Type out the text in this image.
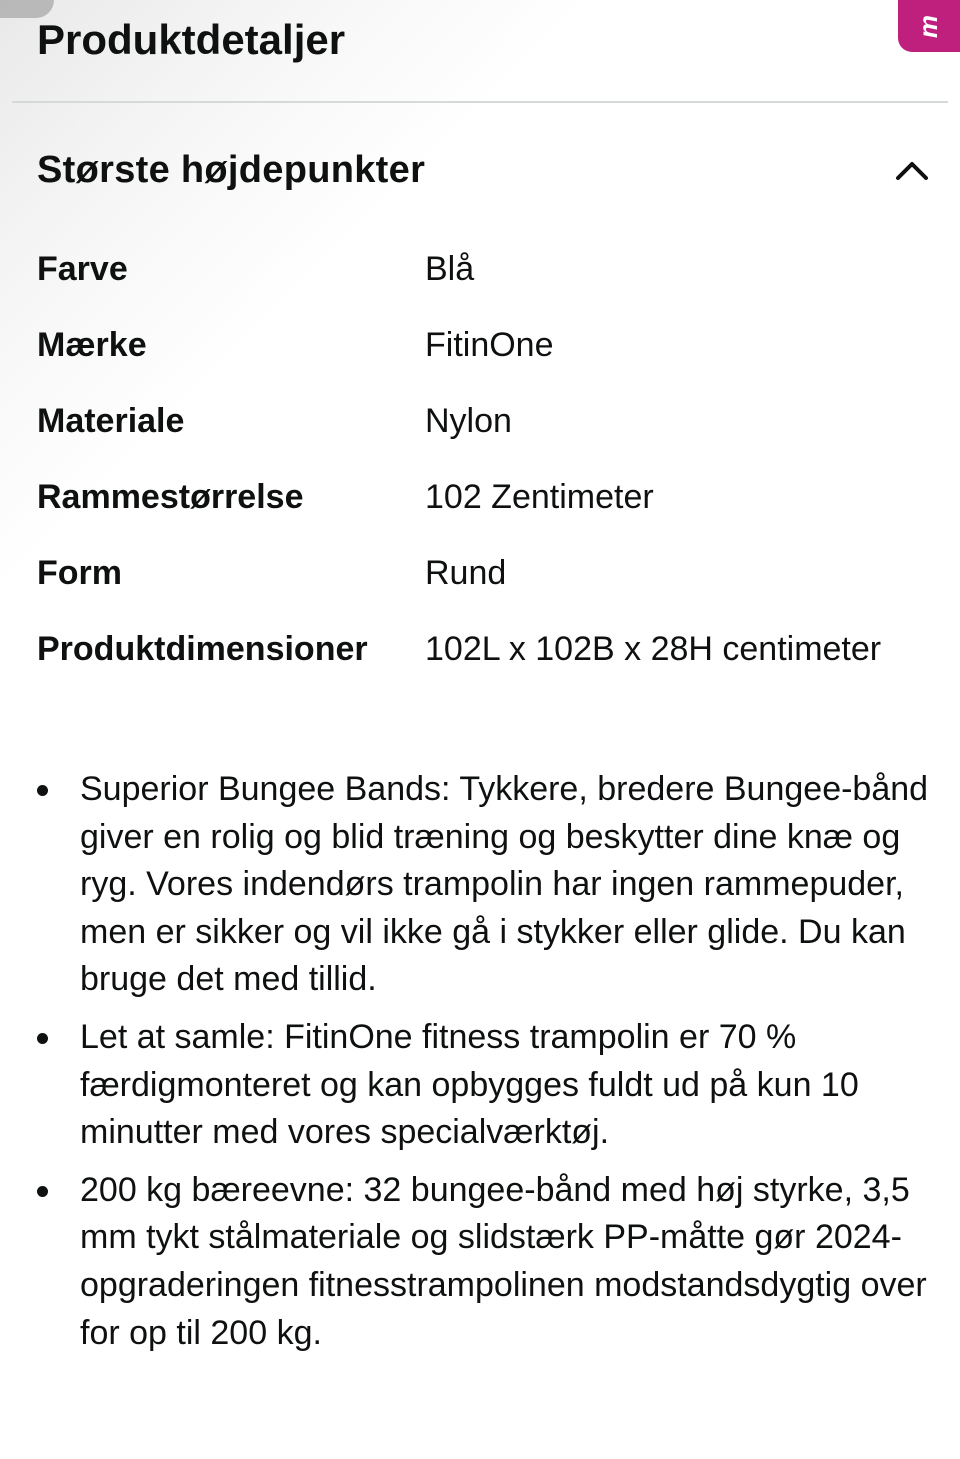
m
Produktdetaljer
Største højdepunkter
Farve	Blå
Mærke	FitinOne
Materiale	Nylon
Rammestørrelse	102 Zentimeter
Form	Rund
Produktdimensioner	102L x 102B x 28H centimeter
Superior Bungee Bands: Tykkere, bredere Bungee-bånd giver en rolig og blid træning og beskytter dine knæ og ryg. Vores indendørs trampolin har ingen rammepuder, men er sikker og vil ikke gå i stykker eller glide. Du kan bruge det med tillid.
Let at samle: FitinOne fitness trampolin er 70 % færdigmonteret og kan opbygges fuldt ud på kun 10 minutter med vores specialværktøj.
200 kg bæreevne: 32 bungee-bånd med høj styrke, 3,5 mm tykt stålmateriale og slidstærk PP-måtte gør 2024-opgraderingen fitnesstrampolinen modstandsdygtig over for op til 200 kg.
